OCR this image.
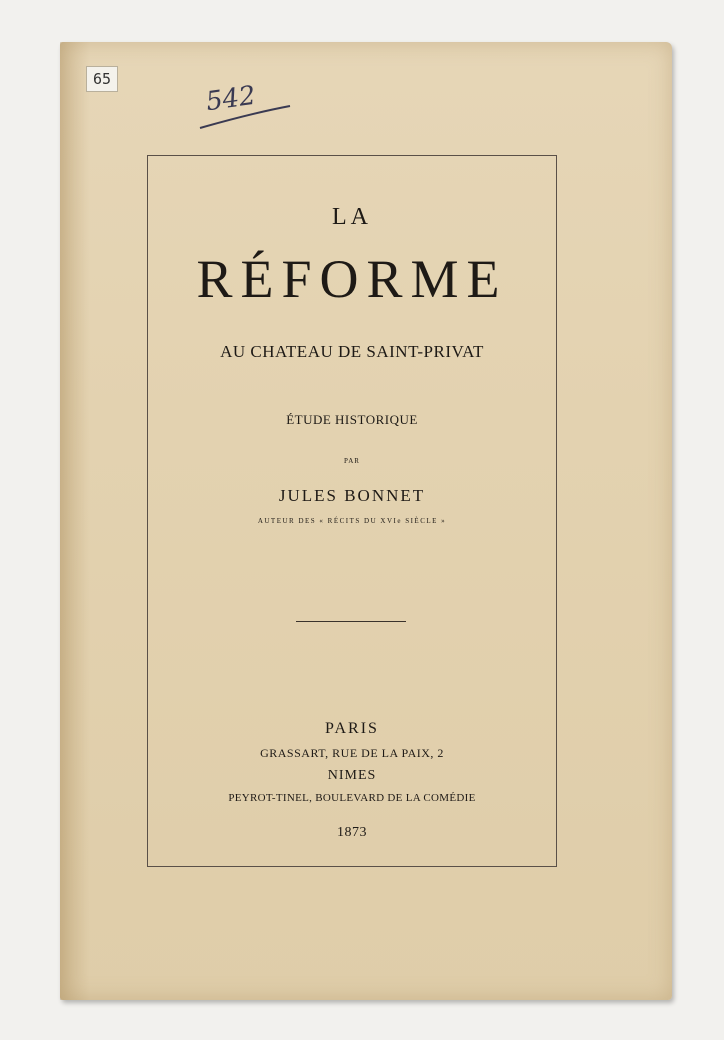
65
542
LA
RÉFORME
AU CHATEAU DE SAINT-PRIVAT
ÉTUDE HISTORIQUE
PAR
JULES BONNET
AUTEUR DES « RÉCITS DU XVIe SIÈCLE »
PARIS
GRASSART, RUE DE LA PAIX, 2
NIMES
PEYROT-TINEL, BOULEVARD DE LA COMÉDIE
1873
